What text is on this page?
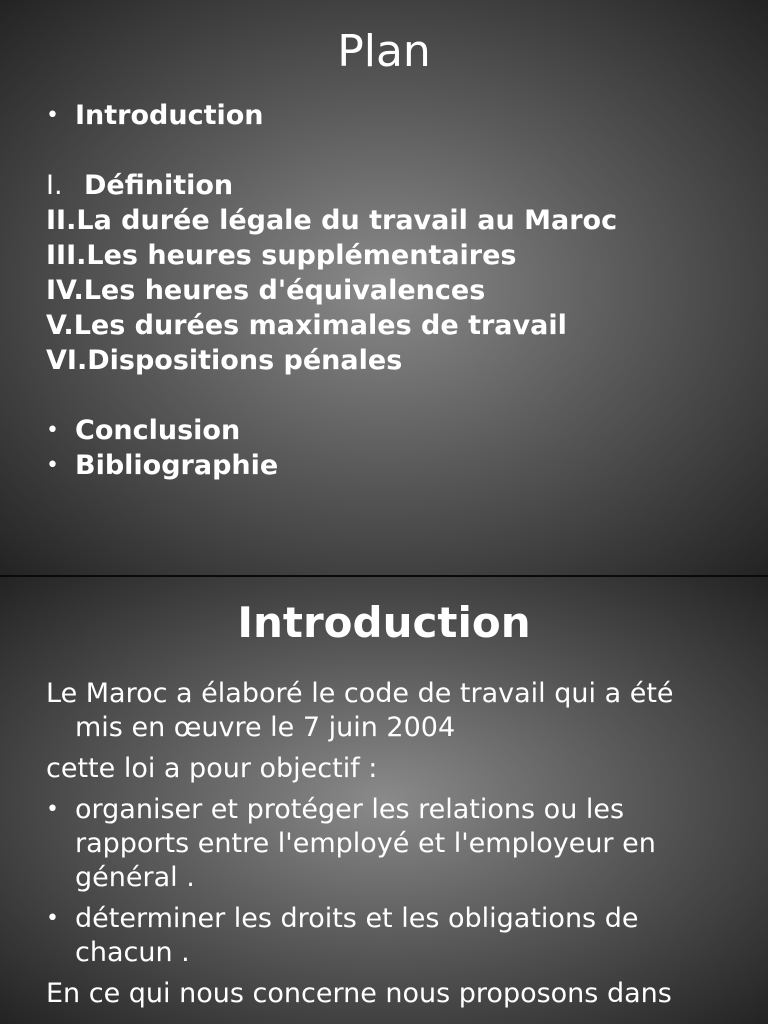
Plan
• Introduction
I. Définition
II.La durée légale du travail au Maroc
III.Les heures supplémentaires
IV.Les heures d'équivalences
V.Les durées maximales de travail
VI.Dispositions pénales
• Conclusion
• Bibliographie
Introduction
Le Maroc a élaboré le code de travail qui a été mis en œuvre le 7 juin 2004
cette loi a pour objectif :
• organiser et protéger les relations ou les rapports entre l'employé et l'employeur en général .
• déterminer les droits et les obligations de chacun .
En ce qui nous concerne nous proposons dans
